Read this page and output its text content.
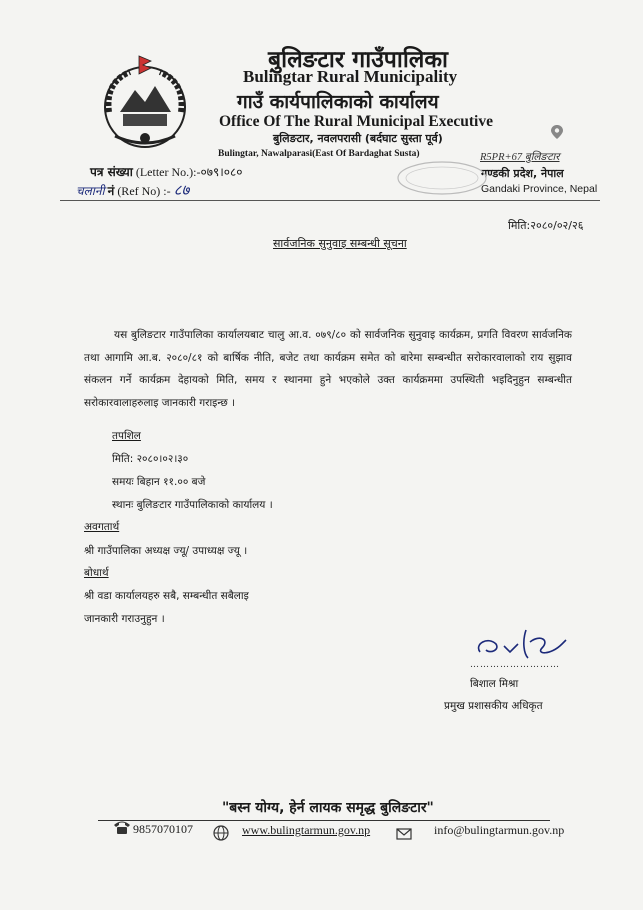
बुलिङटार गाउँपालिका
Bulingtar Rural Municipality
गाउँ कार्यपालिकाको कार्यालय
Office Of The Rural Municipal Executive
बुलिङटार, नवलपरासी (बर्दघाट सुस्ता पूर्व)
Bulingtar, Nawalparasi(East Of Bardaghat Susta)	R5PR+67 बुलिङटार
गण्डकी प्रदेश, नेपाल
Gandaki Province, Nepal
पत्र संख्या (Letter No.):-०७९।०८०
चलानी नं (Ref No) :- ८७
मिति:२०८०/०२/२६
सार्वजनिक सुनुवाइ सम्बन्धी सूचना
यस बुलिङटार गाउँपालिका कार्यालयबाट चालु आ.व. ०७९/८० को सार्वजनिक सुनुवाइ कार्यक्रम, प्रगति विवरण सार्वजनिक तथा आगामि आ.ब. २०८०/८१ को बार्षिक नीति, बजेट तथा कार्यक्रम समेत को बारेमा सम्बन्धीत सरोकारवालाको राय सुझाव संकलन गर्ने कार्यक्रम देहायको मिति, समय र स्थानमा हुने भएकोले उक्त कार्यक्रममा उपस्थिती भइदिनुहुन सम्बन्धीत सरोकारवालाहरुलाइ जानकारी गराइन्छ ।
तपशिल
मिति: २०८०।०२।३०
समयः बिहान ११.०० बजे
स्थानः बुलिङटार गाउँपालिकाको कार्यालय ।
अवगतार्थ
श्री गाउँपालिका अध्यक्ष ज्यू/ उपाध्यक्ष ज्यू ।
बोधार्थ
श्री वडा कार्यालयहरु सबै, सम्बन्धीत सबैलाइ
जानकारी गराउनुहुन ।
………………………
बिशाल मिश्रा
प्रमुख प्रशासकीय अधिकृत
"बस्न योग्य, हेर्न लायक समृद्ध बुलिङटार"
9857070107	www.bulingtarmun.gov.np	info@bulingtarmun.gov.np
